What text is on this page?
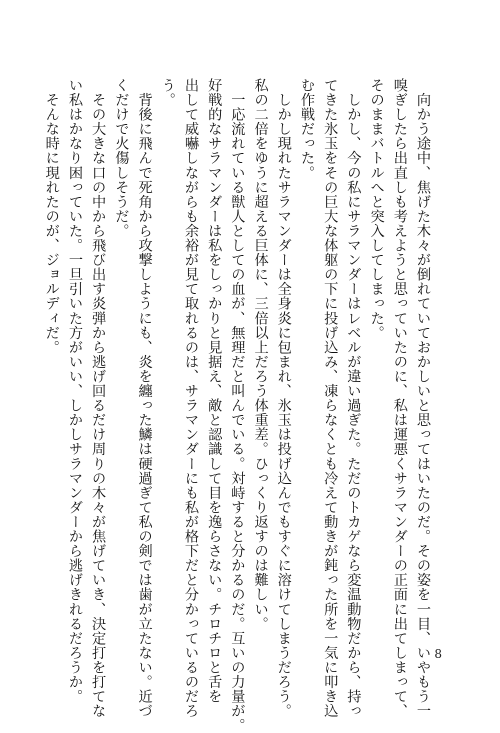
　向かう途中、焦げた木々が倒れていておかしいと思ってはいたのだ。その姿を一目、いやもう一
嗅ぎしたら出直しも考えようと思っていたのに、私は運悪くサラマンダーの正面に出てしまって、
そのままバトルへと突入してしまった。
　しかし、今の私にサラマンダーはレベルが違い過ぎた。ただのトカゲなら変温動物だから、持っ
てきた氷玉をその巨大な体躯の下に投げ込み、凍らなくとも冷えて動きが鈍った所を一気に叩き込
む作戦だった。
　しかし現れたサラマンダーは全身炎に包まれ、氷玉は投げ込んでもすぐに溶けてしまうだろう。
私の二倍をゆうに超える巨体に、三倍以上だろう体重差。ひっくり返すのは難しい。
　一応流れている獣人としての血が、無理だと叫んでいる。対峙すると分かるのだ。互いの力量が。
好戦的なサラマンダーは私をしっかりと見据え、敵と認識して目を逸らさない。チロチロと舌を
出して威嚇しながらも余裕が見て取れるのは、サラマンダーにも私が格下だと分かっているのだろ
う。
　背後に飛んで死角から攻撃しようにも、炎を纏った鱗は硬過ぎて私の剣では歯が立たない。近づ
くだけで火傷しそうだ。
　その大きな口の中から飛び出す炎弾から逃げ回るだけ周りの木々が焦げていき、決定打を打てな
い私はかなり困っていた。一旦引いた方がいい、しかしサラマンダーから逃げきれるだろうか。
　そんな時に現れたのが、ジョルディだ。
8
